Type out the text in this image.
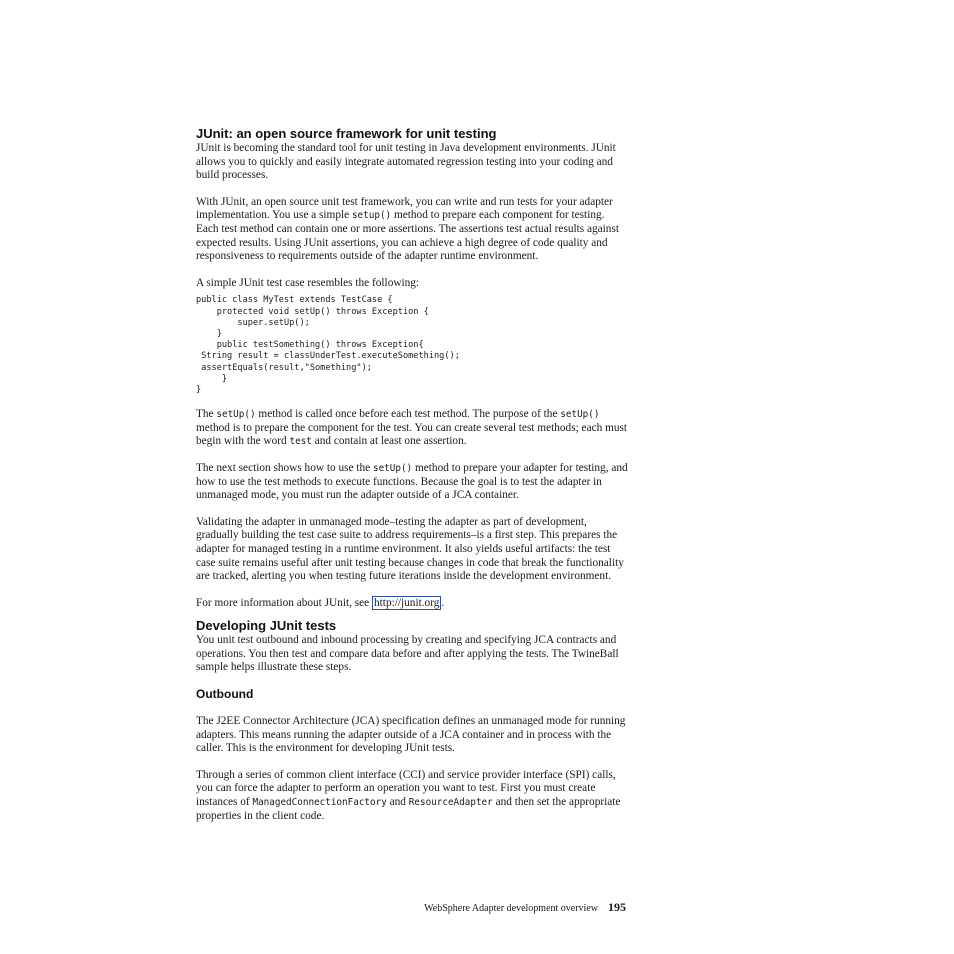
JUnit: an open source framework for unit testing

JUnit is becoming the standard tool for unit testing in Java development environments. JUnit allows you to quickly and easily integrate automated regression testing into your coding and build processes.

With JUnit, an open source unit test framework, you can write and run tests for your adapter implementation. You use a simple setup() method to prepare each component for testing. Each test method can contain one or more assertions. The assertions test actual results against expected results. Using JUnit assertions, you can achieve a high degree of code quality and responsiveness to requirements outside of the adapter runtime environment.

A simple JUnit test case resembles the following:

public class MyTest extends TestCase {
protected void setUp() throws Exception {
super.setUp();
}
public testSomething() throws Exception{
String result = classUnderTest.executeSomething();
assertEquals(result,"Something");
}
}

The setUp() method is called once before each test method. The purpose of the setUp() method is to prepare the component for the test. You can create several test methods; each must begin with the word test and contain at least one assertion.

The next section shows how to use the setUp() method to prepare your adapter for testing, and how to use the test methods to execute functions. Because the goal is to test the adapter in unmanaged mode, you must run the adapter outside of a JCA container.

Validating the adapter in unmanaged mode–testing the adapter as part of development, gradually building the test case suite to address requirements–is a first step. This prepares the adapter for managed testing in a runtime environment. It also yields useful artifacts: the test case suite remains useful after unit testing because changes in code that break the functionality are tracked, alerting you when testing future iterations inside the development environment.

For more information about JUnit, see http://junit.org .

Developing JUnit tests

You unit test outbound and inbound processing by creating and specifying JCA contracts and operations. You then test and compare data before and after applying the tests. The TwineBall sample helps illustrate these steps.

Outbound

The J2EE Connector Architecture (JCA) specification defines an unmanaged mode for running adapters. This means running the adapter outside of a JCA container and in process with the caller. This is the environment for developing JUnit tests.

Through a series of common client interface (CCI) and service provider interface (SPI) calls, you can force the adapter to perform an operation you want to test. First you must create instances of ManagedConnectionFactory and ResourceAdapter and then set the appropriate properties in the client code.

WebSphere Adapter development overview 195
